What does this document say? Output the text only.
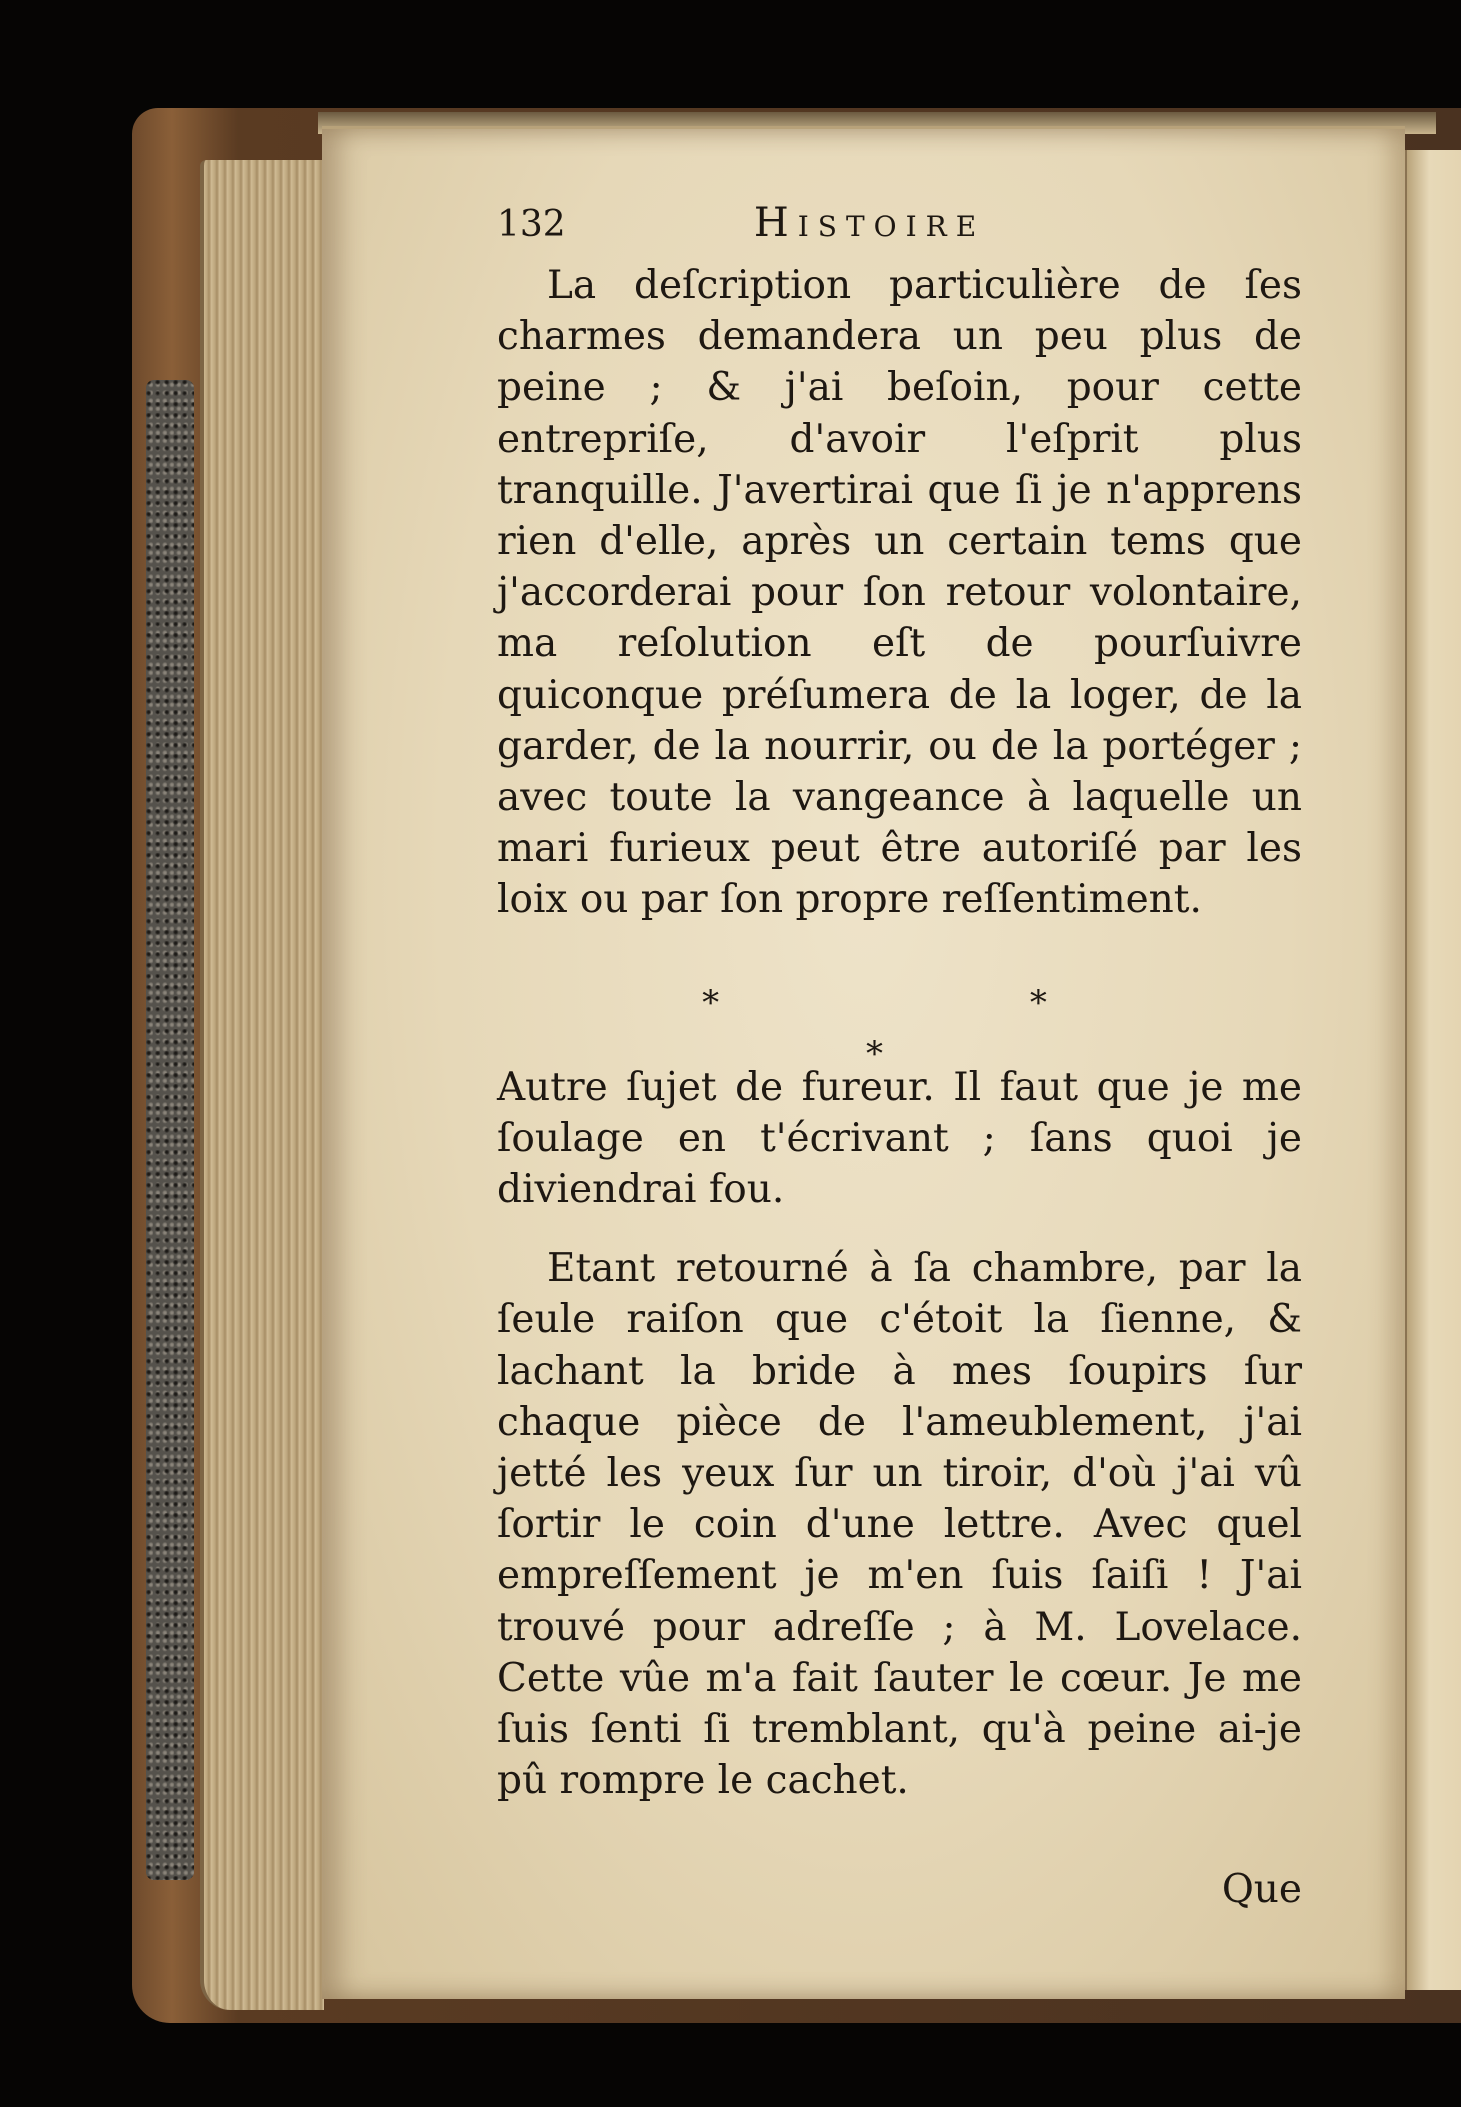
132	Histoire

La deſcription particulière de ſes charmes demandera un peu plus de peine ; & j'ai beſoin, pour cette entrepriſe, d'avoir l'eſprit plus tranquille. J'avertirai que ſi je n'apprens rien d'elle, après un certain tems que j'accorderai pour ſon retour volontaire, ma reſolution eſt de pourſuivre quiconque préſumera de la loger, de la garder, de la nourrir, ou de la portéger ; avec toute la vangeance à laquelle un mari furieux peut être autoriſé par les loix ou par ſon propre reſſentiment.

* * *

Autre ſujet de fureur. Il faut que je me ſoulage en t'écrivant ; ſans quoi je diviendrai fou.

Etant retourné à ſa chambre, par la ſeule raiſon que c'étoit la ſienne, & lachant la bride à mes ſoupirs ſur chaque pièce de l'ameublement, j'ai jetté les yeux ſur un tiroir, d'où j'ai vû ſortir le coin d'une lettre. Avec quel empreſſement je m'en ſuis ſaiſi ! J'ai trouvé pour adreſſe ; à M. Lovelace. Cette vûe m'a fait ſauter le cœur. Je me ſuis ſenti ſi tremblant, qu'à peine ai-je pû rompre le cachet.

Que
